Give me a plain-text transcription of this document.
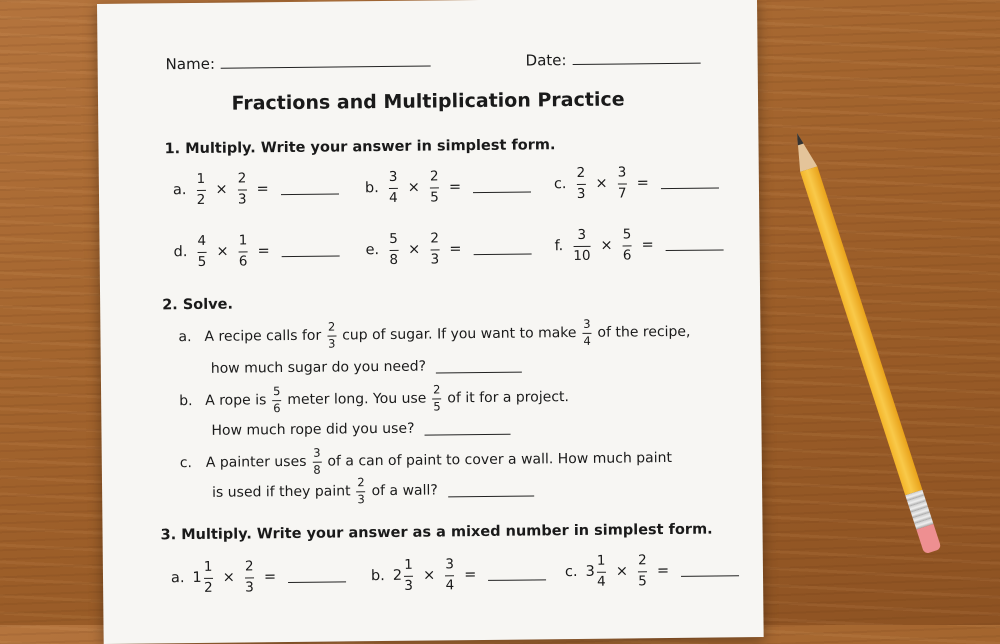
Name:	Date:
Fractions and Multiplication Practice
1. Multiply. Write your answer in simplest form.
a. $\frac{1}{2} \times \frac{2}{3}$ =	b. $\frac{3}{4} \times \frac{2}{5}$ =	c. $\frac{2}{3} \times \frac{3}{7}$ =
d. $\frac{4}{5} \times \frac{1}{6}$ =	e. $\frac{5}{8} \times \frac{2}{3}$ =	f. $\frac{3}{10} \times \frac{5}{6}$ =
2. Solve.
a. A recipe calls for $\frac{2}{3}$ cup of sugar. If you want to make $\frac{3}{4}$ of the recipe,
how much sugar do you need?
b. A rope is $\frac{5}{6}$ meter long. You use $\frac{2}{5}$ of it for a project.
How much rope did you use?
c. A painter uses $\frac{3}{8}$ of a can of paint to cover a wall. How much paint
is used if they paint $\frac{2}{3}$ of a wall?
3. Multiply. Write your answer as a mixed number in simplest form.
a. $1 \frac{1}{2} \times \frac{2}{3}$ =	b. $2 \frac{1}{3} \times \frac{3}{4}$ =	c. $3 \frac{1}{4} \times \frac{2}{5}$ =
